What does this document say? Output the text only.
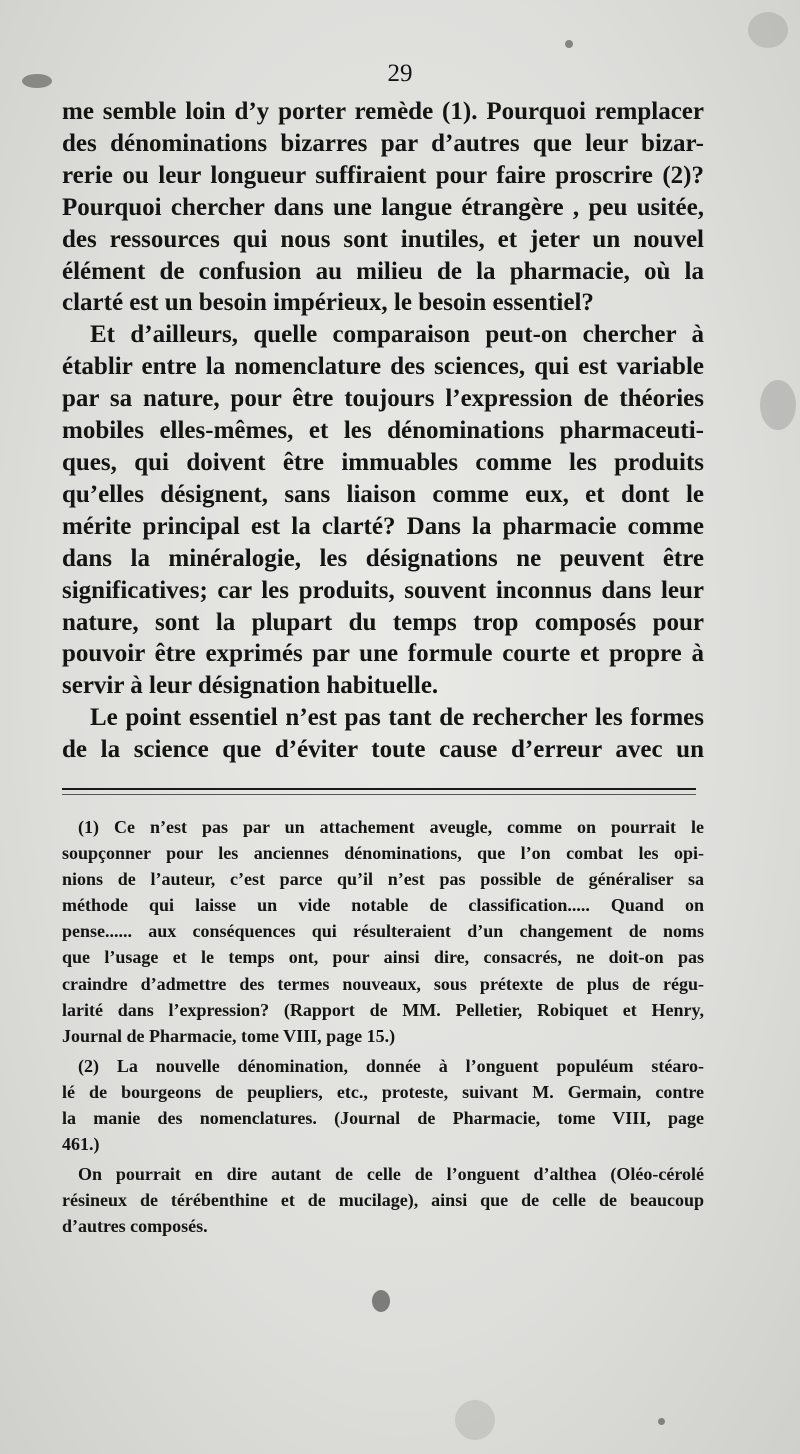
29
me semble loin d’y porter remède (1). Pourquoi remplacer
des dénominations bizarres par d’autres que leur bizar-
rerie ou leur longueur suffiraient pour faire proscrire (2)?
Pourquoi chercher dans une langue étrangère , peu usitée,
des ressources qui nous sont inutiles, et jeter un nouvel
élément de confusion au milieu de la pharmacie, où la
clarté est un besoin impérieux, le besoin essentiel?
Et d’ailleurs, quelle comparaison peut-on chercher à
établir entre la nomenclature des sciences, qui est variable
par sa nature, pour être toujours l’expression de théories
mobiles elles-mêmes, et les dénominations pharmaceuti-
ques, qui doivent être immuables comme les produits
qu’elles désignent, sans liaison comme eux, et dont le
mérite principal est la clarté? Dans la pharmacie comme
dans la minéralogie, les désignations ne peuvent être
significatives; car les produits, souvent inconnus dans leur
nature, sont la plupart du temps trop composés pour
pouvoir être exprimés par une formule courte et propre à
servir à leur désignation habituelle.
Le point essentiel n’est pas tant de rechercher les formes
de la science que d’éviter toute cause d’erreur avec un
(1) Ce n’est pas par un attachement aveugle, comme on pourrait le
soupçonner pour les anciennes dénominations, que l’on combat les opi-
nions de l’auteur, c’est parce qu’il n’est pas possible de généraliser sa
méthode qui laisse un vide notable de classification..... Quand on
pense...... aux conséquences qui résulteraient d’un changement de noms
que l’usage et le temps ont, pour ainsi dire, consacrés, ne doit-on pas
craindre d’admettre des termes nouveaux, sous prétexte de plus de régu-
larité dans l’expression? (Rapport de MM. Pelletier, Robiquet et Henry,
Journal de Pharmacie, tome VIII, page 15.)
(2) La nouvelle dénomination, donnée à l’onguent populéum stéaro-
lé de bourgeons de peupliers, etc., proteste, suivant M. Germain, contre
la manie des nomenclatures. (Journal de Pharmacie, tome VIII, page
461.)
On pourrait en dire autant de celle de l’onguent d’althea (Oléo-cérolé
résineux de térébenthine et de mucilage), ainsi que de celle de beaucoup
d’autres composés.
